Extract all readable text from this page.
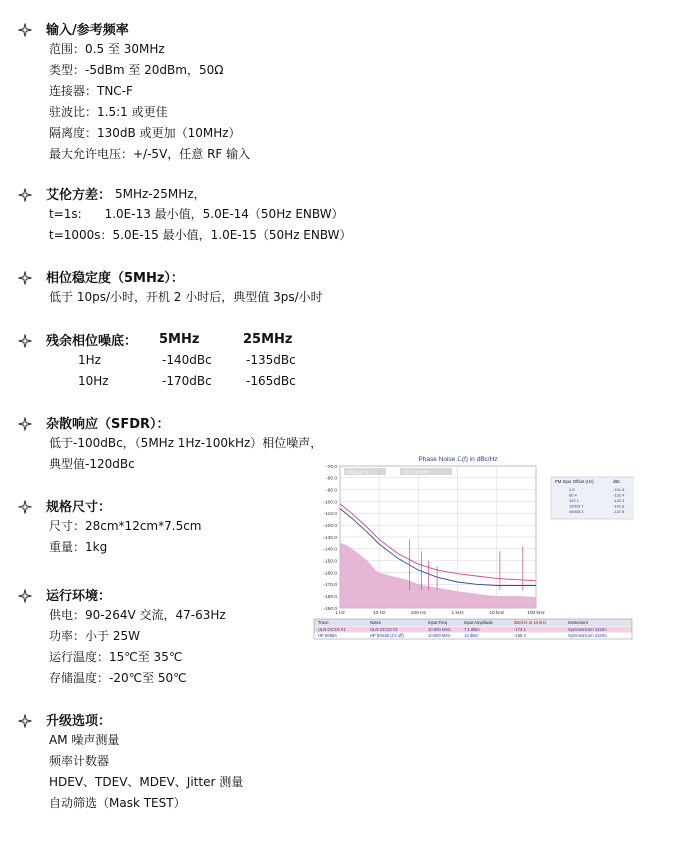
输入/参考频率
范围：0.5 至 30MHz
类型：-5dBm 至 20dBm，50Ω
连接器：TNC-F
驻波比：1.5:1 或更佳
隔离度：130dB 或更加（10MHz）
最大允许电压：+/-5V，任意 RF 输入
艾伦方差： 5MHz-25MHz，
t=1s:      1.0E-13 最小值，5.0E-14（50Hz ENBW）
t=1000s：5.0E-15 最小值，1.0E-15（50Hz ENBW）
相位稳定度（5MHz）：
低于 10ps/小时，开机 2 小时后，典型值 3ps/小时
残余相位噪底：	5MHz	25MHz
1Hz	-140dBc	-135dBc
10Hz	-170dBc	-165dBc
杂散响应（SFDR）：
低于-100dBc，（5MHz 1Hz-100kHz）相位噪声，
典型值-120dBc
规格尺寸：
尺寸：28cm*12cm*7.5cm
重量：1kg
运行环境：
供电：90-264V 交流，47-63Hz
功率：小于 25W
运行温度：15℃至 35℃
存储温度：-20℃至 50℃
升级选项：
AM 噪声测量
频率计数器
HDEV、TDEV、MDEV、Jitter 测量
自动筛选（Mask TEST）
Phase Noise ℒ(f) in dBc/Hz
10621.2 Hz	-161.3 dBc/Hz
-70.0
-80.0
-90.0
-100.0
-110.0
-120.0
-130.0
-140.0
-150.0
-160.0
-170.0
-180.0
-190.0
1 Hz	10 Hz	100 Hz	1 kHz	10 kHz	100 kHz
PM Spur Offset (Hz)	dBc
1.5	-101.8
60.4	-132.4
122.1	-142.3
12003.7	-141.8
46008.3	-137.8
Trace	Notes	Input Freq	Input Amplitude	dBc/Hz at 10 kHz	Instrument
ULN OCXO #1	ULN OCXO #2	10.000 MHz	7.1 dBm	-172.1	Symmetricom 3120A
HP 5065A	HP 5061B (Cs off)	10.000 MHz	13 dBm	-166.4	Symmetricom 3120A
